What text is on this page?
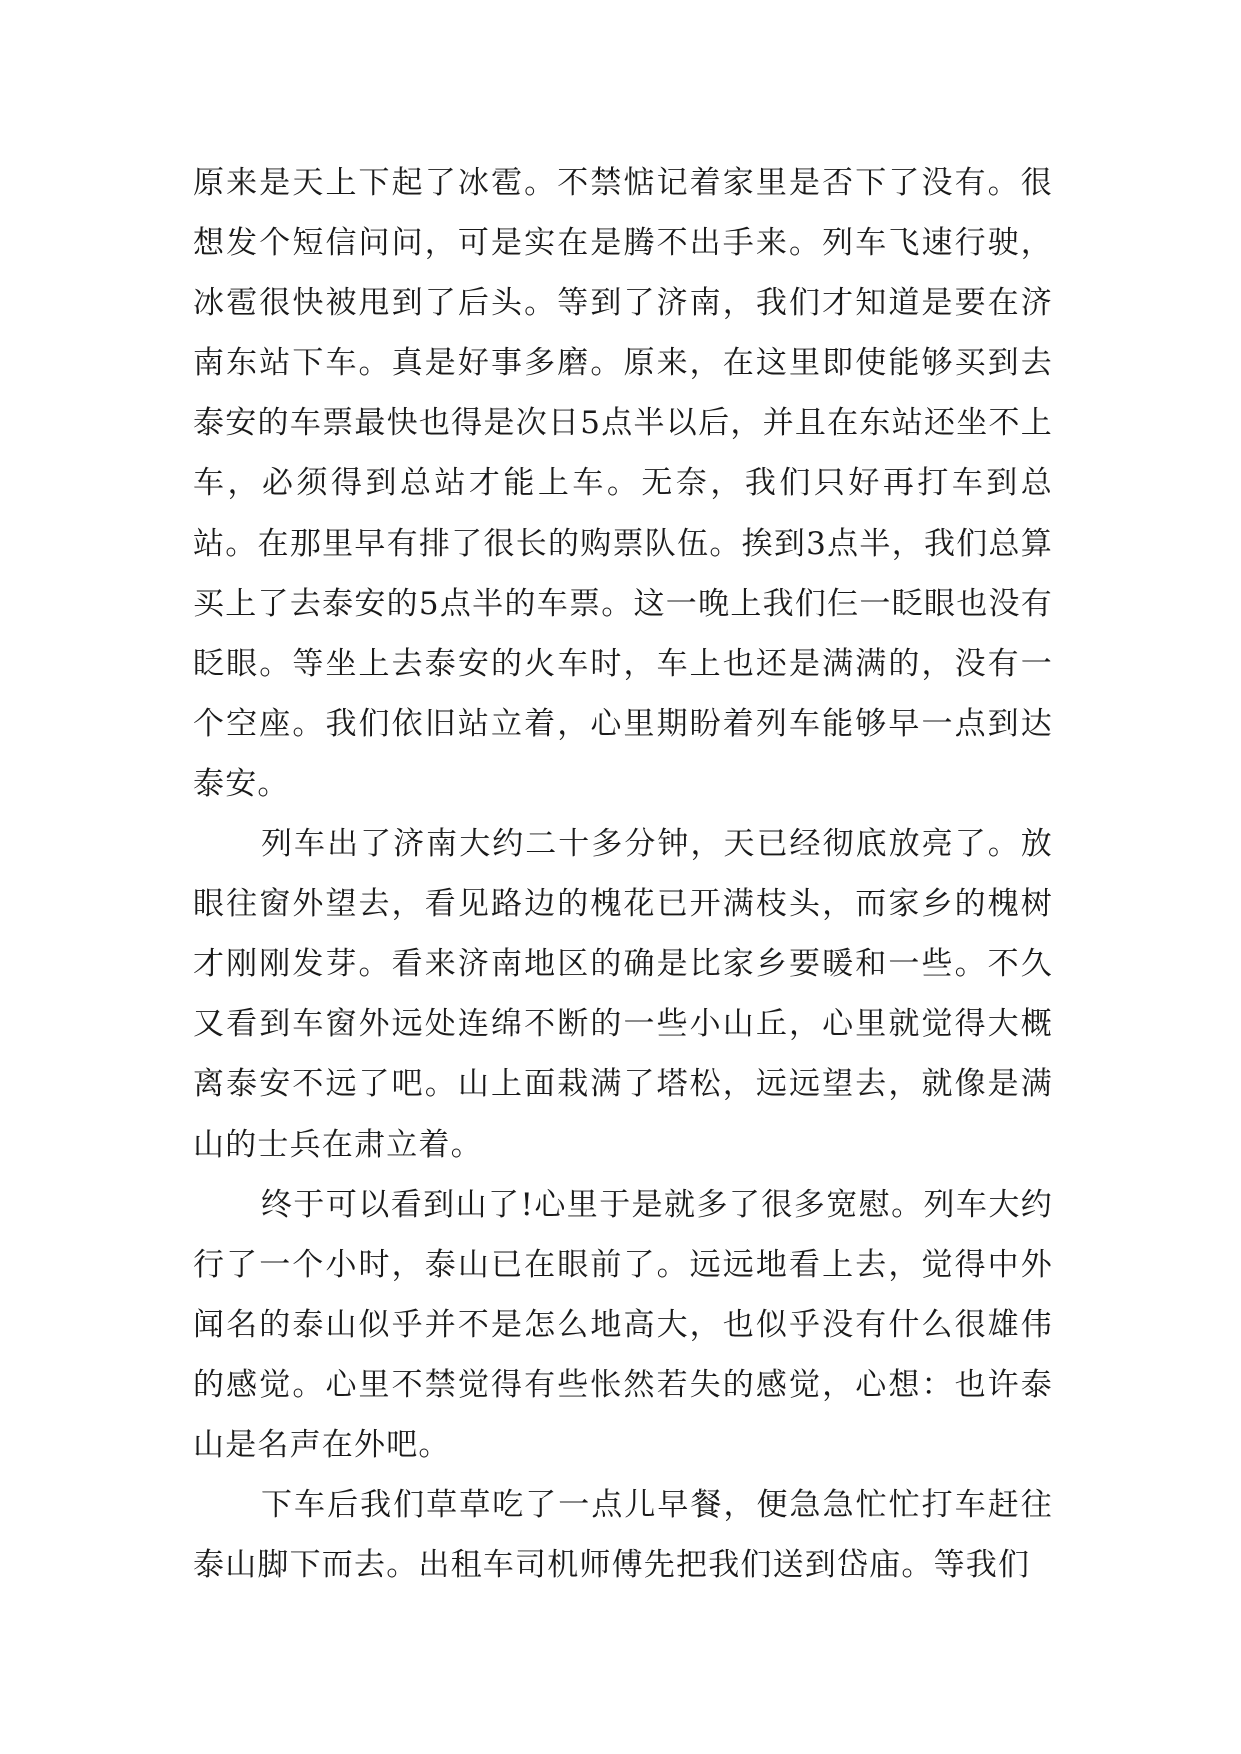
原来是天上下起了冰雹。不禁惦记着家里是否下了没有。很想发个短信问问，可是实在是腾不出手来。列车飞速行驶，冰雹很快被甩到了后头。等到了济南，我们才知道是要在济南东站下车。真是好事多磨。原来，在这里即使能够买到去泰安的车票最快也得是次日5点半以后，并且在东站还坐不上车，必须得到总站才能上车。无奈，我们只好再打车到总站。在那里早有排了很长的购票队伍。挨到3点半，我们总算买上了去泰安的5点半的车票。这一晚上我们仨一眨眼也没有眨眼。等坐上去泰安的火车时，车上也还是满满的，没有一个空座。我们依旧站立着，心里期盼着列车能够早一点到达泰安。

列车出了济南大约二十多分钟，天已经彻底放亮了。放眼往窗外望去，看见路边的槐花已开满枝头，而家乡的槐树才刚刚发芽。看来济南地区的确是比家乡要暖和一些。不久又看到车窗外远处连绵不断的一些小山丘，心里就觉得大概离泰安不远了吧。山上面栽满了塔松，远远望去，就像是满山的士兵在肃立着。

终于可以看到山了!心里于是就多了很多宽慰。列车大约行了一个小时，泰山已在眼前了。远远地看上去，觉得中外闻名的泰山似乎并不是怎么地高大，也似乎没有什么很雄伟的感觉。心里不禁觉得有些怅然若失的感觉，心想：也许泰山是名声在外吧。

下车后我们草草吃了一点儿早餐，便急急忙忙打车赶往泰山脚下而去。出租车司机师傅先把我们送到岱庙。等我们
